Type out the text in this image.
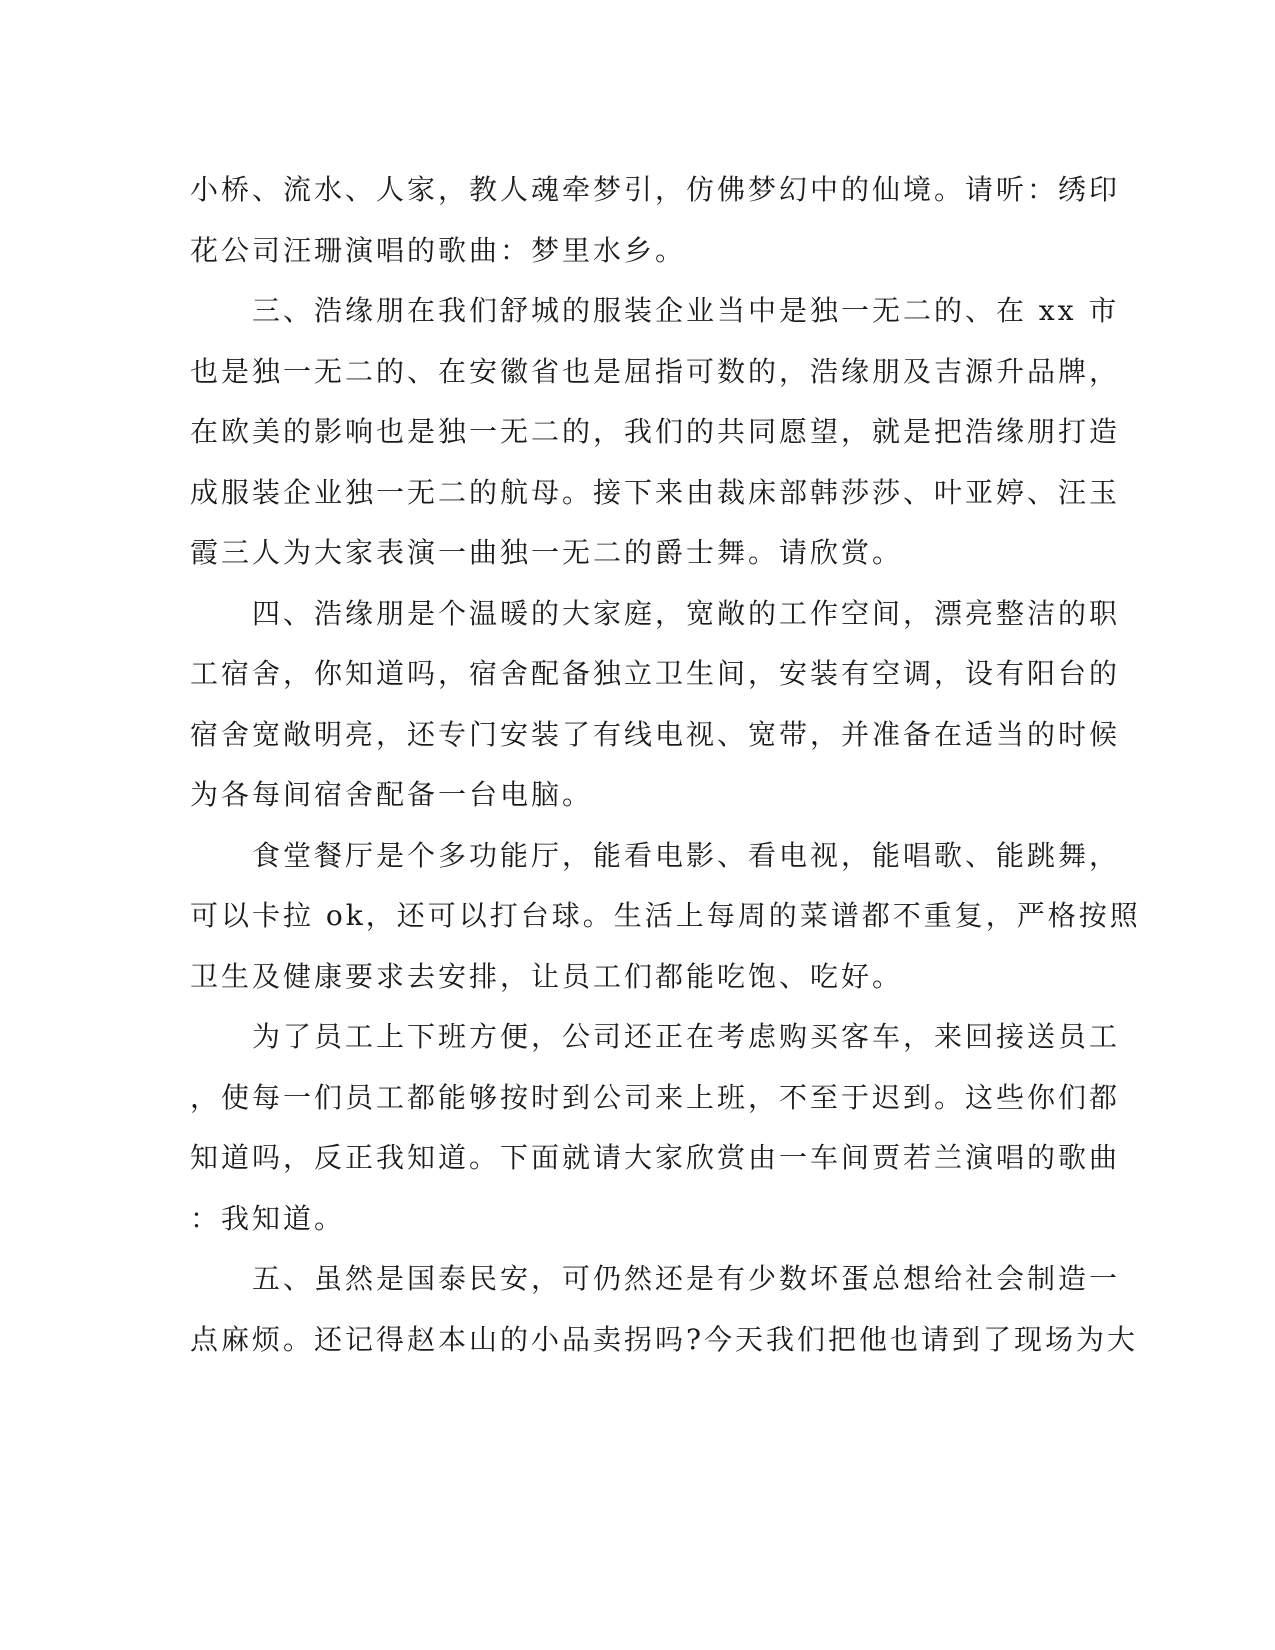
小桥、流水、人家，教人魂牵梦引，仿佛梦幻中的仙境。请听：绣印
花公司汪珊演唱的歌曲：梦里水乡。
　　三、浩缘朋在我们舒城的服装企业当中是独一无二的、在 xx 市
也是独一无二的、在安徽省也是屈指可数的，浩缘朋及吉源升品牌，
在欧美的影响也是独一无二的，我们的共同愿望，就是把浩缘朋打造
成服装企业独一无二的航母。接下来由裁床部韩莎莎、叶亚婷、汪玉
霞三人为大家表演一曲独一无二的爵士舞。请欣赏。
　　四、浩缘朋是个温暖的大家庭，宽敞的工作空间，漂亮整洁的职
工宿舍，你知道吗，宿舍配备独立卫生间，安装有空调，设有阳台的
宿舍宽敞明亮，还专门安装了有线电视、宽带，并准备在适当的时候
为各每间宿舍配备一台电脑。
　　食堂餐厅是个多功能厅，能看电影、看电视，能唱歌、能跳舞，
可以卡拉 ok，还可以打台球。生活上每周的菜谱都不重复，严格按照
卫生及健康要求去安排，让员工们都能吃饱、吃好。
　　为了员工上下班方便，公司还正在考虑购买客车，来回接送员工
，使每一们员工都能够按时到公司来上班，不至于迟到。这些你们都
知道吗，反正我知道。下面就请大家欣赏由一车间贾若兰演唱的歌曲
：我知道。
　　五、虽然是国泰民安，可仍然还是有少数坏蛋总想给社会制造一
点麻烦。还记得赵本山的小品卖拐吗?今天我们把他也请到了现场为大
